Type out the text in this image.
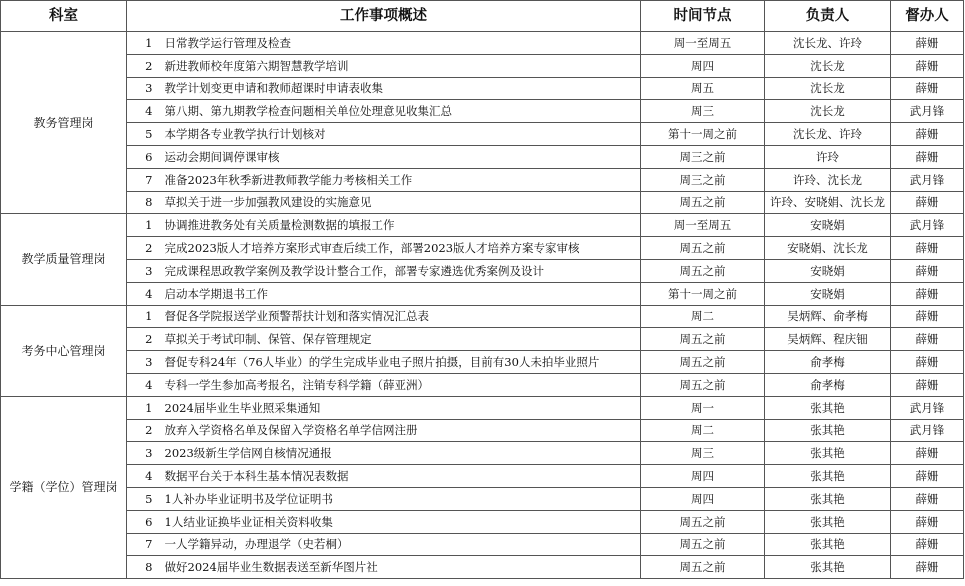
科室	工作事项概述		时间节点	负责人	督办人
教务管理岗	1	日常教学运行管理及检查	周一至周五	沈长龙、许玲	薛姗
	2	新进教师校年度第六期智慧教学培训	周四	沈长龙	薛姗
	3	教学计划变更申请和教师超课时申请表收集	周五	沈长龙	薛姗
	4	第八期、第九期教学检查问题相关单位处理意见收集汇总	周三	沈长龙	武月锋
	5	本学期各专业教学执行计划核对	第十一周之前	沈长龙、许玲	薛姗
	6	运动会期间调停课审核	周三之前	许玲	薛姗
	7	准备2023年秋季新进教师教学能力考核相关工作	周三之前	许玲、沈长龙	武月锋
	8	草拟关于进一步加强教风建设的实施意见	周五之前	许玲、安晓娟、沈长龙	薛姗
教学质量管理岗	1	协调推进教务处有关质量检测数据的填报工作	周一至周五	安晓娟	武月锋
	2	完成2023版人才培养方案形式审查后续工作，部署2023版人才培养方案专家审核	周五之前	安晓娟、沈长龙	薛姗
	3	完成课程思政教学案例及教学设计整合工作，部署专家遴选优秀案例及设计	周五之前	安晓娟	薛姗
	4	启动本学期退书工作	第十一周之前	安晓娟	薛姗
考务中心管理岗	1	督促各学院报送学业预警帮扶计划和落实情况汇总表	周二	吴炳辉、俞孝梅	薛姗
	2	草拟关于考试印制、保管、保存管理规定	周五之前	吴炳辉、程庆钿	薛姗
	3	督促专科24年（76人毕业）的学生完成毕业电子照片拍摄，目前有30人未拍毕业照片	周五之前	俞孝梅	薛姗
	4	专科一学生参加高考报名，注销专科学籍（薛亚洲）	周五之前	俞孝梅	薛姗
学籍（学位）管理岗	1	2024届毕业生毕业照采集通知	周一	张其艳	武月锋
	2	放弃入学资格名单及保留入学资格名单学信网注册	周二	张其艳	武月锋
	3	2023级新生学信网自核情况通报	周三	张其艳	薛姗
	4	数据平台关于本科生基本情况表数据	周四	张其艳	薛姗
	5	1人补办毕业证明书及学位证明书	周四	张其艳	薛姗
	6	1人结业证换毕业证相关资料收集	周五之前	张其艳	薛姗
	7	一人学籍异动，办理退学（史若桐）	周五之前	张其艳	薛姗
	8	做好2024届毕业生数据表送至新华图片社	周五之前	张其艳	薛姗
